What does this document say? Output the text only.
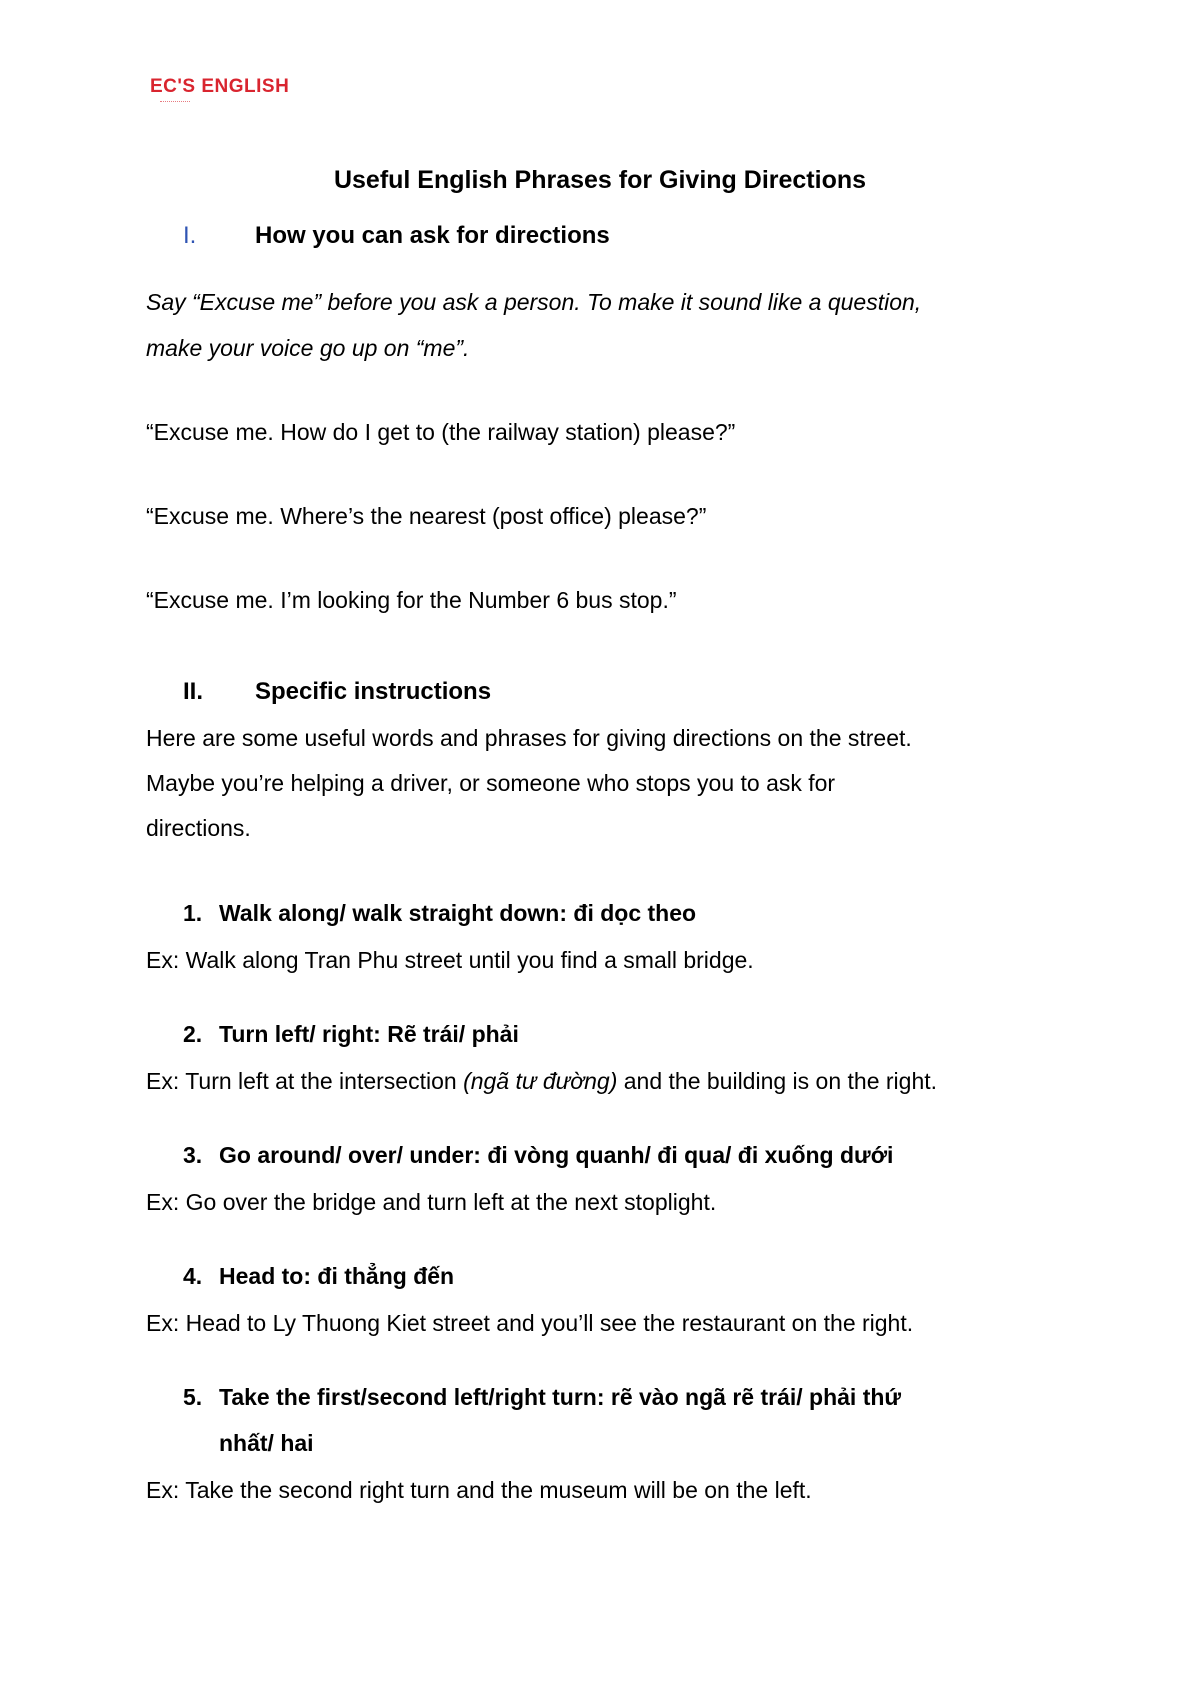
EC'S ENGLISH
Useful English Phrases for Giving Directions
I. How you can ask for directions
Say “Excuse me” before you ask a person. To make it sound like a question,
make your voice go up on “me”.
“Excuse me. How do I get to (the railway station) please?”
“Excuse me. Where’s the nearest (post office) please?”
“Excuse me. I’m looking for the Number 6 bus stop.”
II. Specific instructions
Here are some useful words and phrases for giving directions on the street.
Maybe you’re helping a driver, or someone who stops you to ask for
directions.
1. Walk along/ walk straight down: đi dọc theo
Ex: Walk along Tran Phu street until you find a small bridge.
2. Turn left/ right: Rẽ trái/ phải
Ex: Turn left at the intersection (ngã tư đường) and the building is on the right.
3. Go around/ over/ under: đi vòng quanh/ đi qua/ đi xuống dưới
Ex: Go over the bridge and turn left at the next stoplight.
4. Head to: đi thẳng đến
Ex: Head to Ly Thuong Kiet street and you’ll see the restaurant on the right.
5. Take the first/second left/right turn: rẽ vào ngã rẽ trái/ phải thứ
nhất/ hai
Ex: Take the second right turn and the museum will be on the left.
